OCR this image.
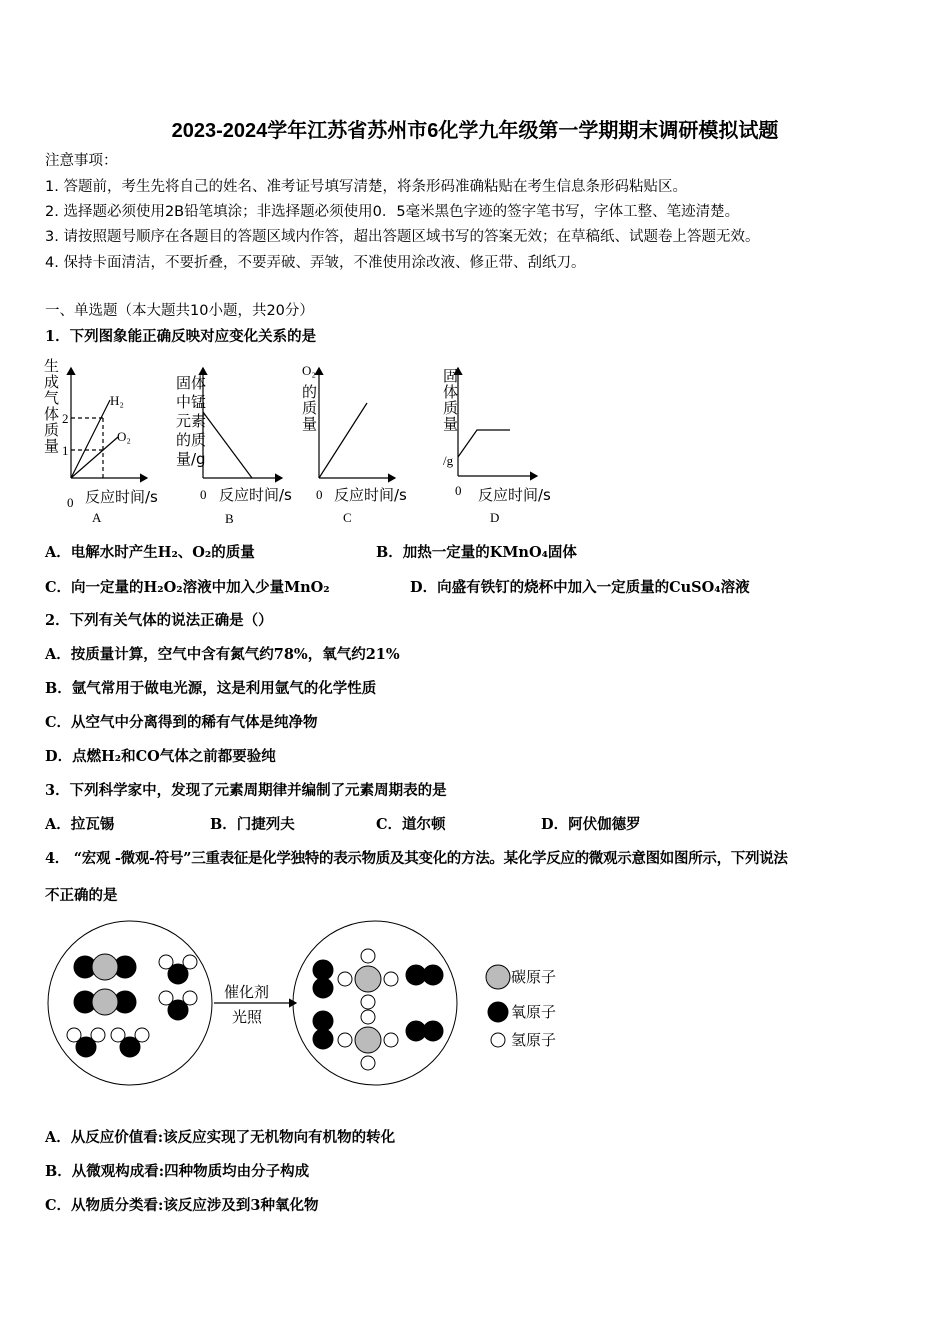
2023-2024学年江苏省苏州市6化学九年级第一学期期末调研模拟试题
注意事项：
1. 答题前，考生先将自己的姓名、准考证号填写清楚，将条形码准确粘贴在考生信息条形码粘贴区。
2. 选择题必须使用2B铅笔填涂；非选择题必须使用0．5毫米黑色字迹的签字笔书写，字体工整、笔迹清楚。
3. 请按照题号顺序在各题目的答题区域内作答，超出答题区域书写的答案无效；在草稿纸、试题卷上答题无效。
4. 保持卡面清洁，不要折叠，不要弄破、弄皱，不准使用涂改液、修正带、刮纸刀。
一、单选题（本大题共10小题，共20分）
1．下列图象能正确反映对应变化关系的是
生成气体质量 2
1
H₂
O₂
0 反应时间/s
A
固体中锰元素的质量/g
0 反应时间/s
B
O₂
的质量
0 反应时间/s
C
固体质量
/g
0 反应时间/s
D
A．电解水时产生H₂、O₂的质量	B．加热一定量的KMnO₄固体
C．向一定量的H₂O₂溶液中加入少量MnO₂	D．向盛有铁钉的烧杯中加入一定质量的CuSO₄溶液
2．下列有关气体的说法正确是（）
A．按质量计算，空气中含有氮气约78%，氧气约21%
B．氩气常用于做电光源，这是利用氩气的化学性质
C．从空气中分离得到的稀有气体是纯净物
D．点燃H₂和CO气体之前都要验纯
3．下列科学家中，发现了元素周期律并编制了元素周期表的是
A．拉瓦锡	B．门捷列夫	C．道尔顿	D．阿伏伽德罗
4． “宏观 -微观-符号”三重表征是化学独特的表示物质及其变化的方法。某化学反应的微观示意图如图所示，下列说法
不正确的是
催化剂
光照
碳原子
氧原子
氢原子
A．从反应价值看:该反应实现了无机物向有机物的转化
B．从微观构成看:四种物质均由分子构成
C．从物质分类看:该反应涉及到3种氧化物
